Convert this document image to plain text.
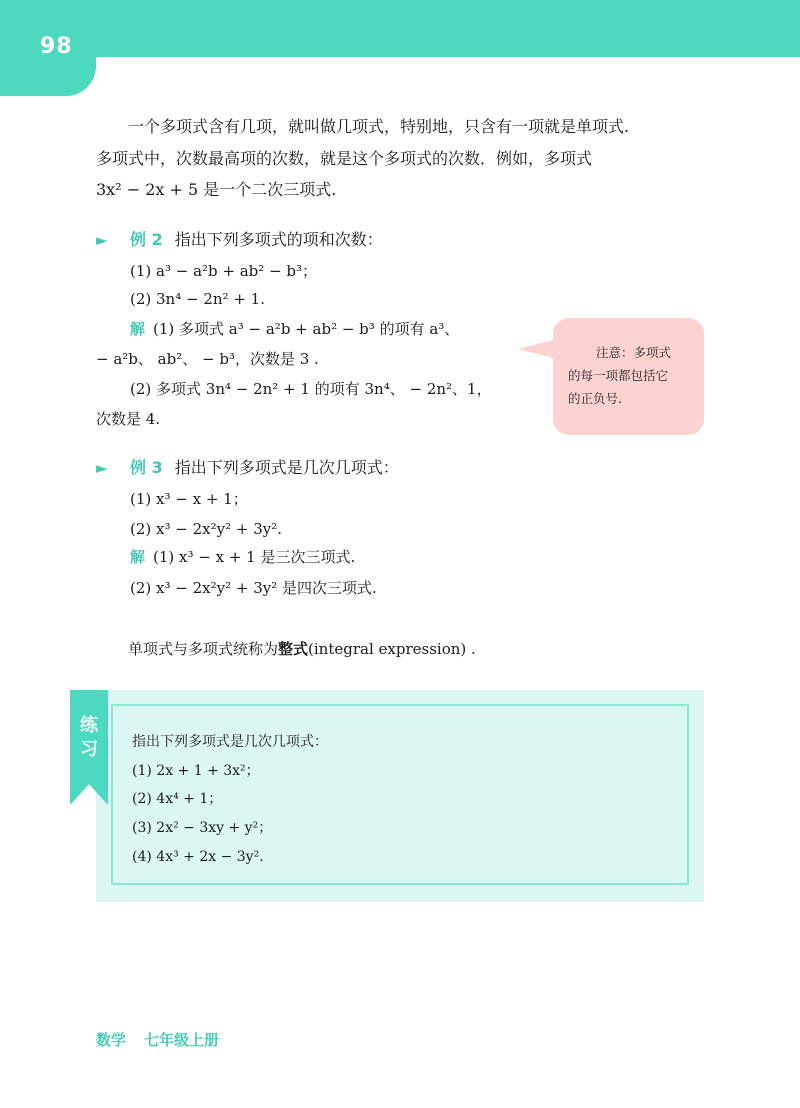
98
一个多项式含有几项，就叫做几项式，特别地，只含有一项就是单项式.
多项式中，次数最高项的次数，就是这个多项式的次数．例如，多项式
3x² − 2x + 5 是一个二次三项式.
► 例 2 指出下列多项式的项和次数：
(1) a³ − a²b + ab² − b³；
(2) 3n⁴ − 2n² + 1.
解 (1) 多项式 a³ − a²b + ab² − b³ 的项有 a³、
− a²b、 ab²、 − b³，次数是 3 .
(2) 多项式 3n⁴ − 2n² + 1 的项有 3n⁴、 − 2n²、1，
次数是 4.
注意：多项式
的每一项都包括它
的正负号.
► 例 3 指出下列多项式是几次几项式：
(1) x³ − x + 1；
(2) x³ − 2x²y² + 3y².
解 (1) x³ − x + 1 是三次三项式.
(2) x³ − 2x²y² + 3y² 是四次三项式.
单项式与多项式统称为整式(integral expression) .
练
习	指出下列多项式是几次几项式：
(1) 2x + 1 + 3x²；
(2) 4x⁴ + 1；
(3) 2x² − 3xy + y²；
(4) 4x³ + 2x − 3y².
数学 七年级上册
